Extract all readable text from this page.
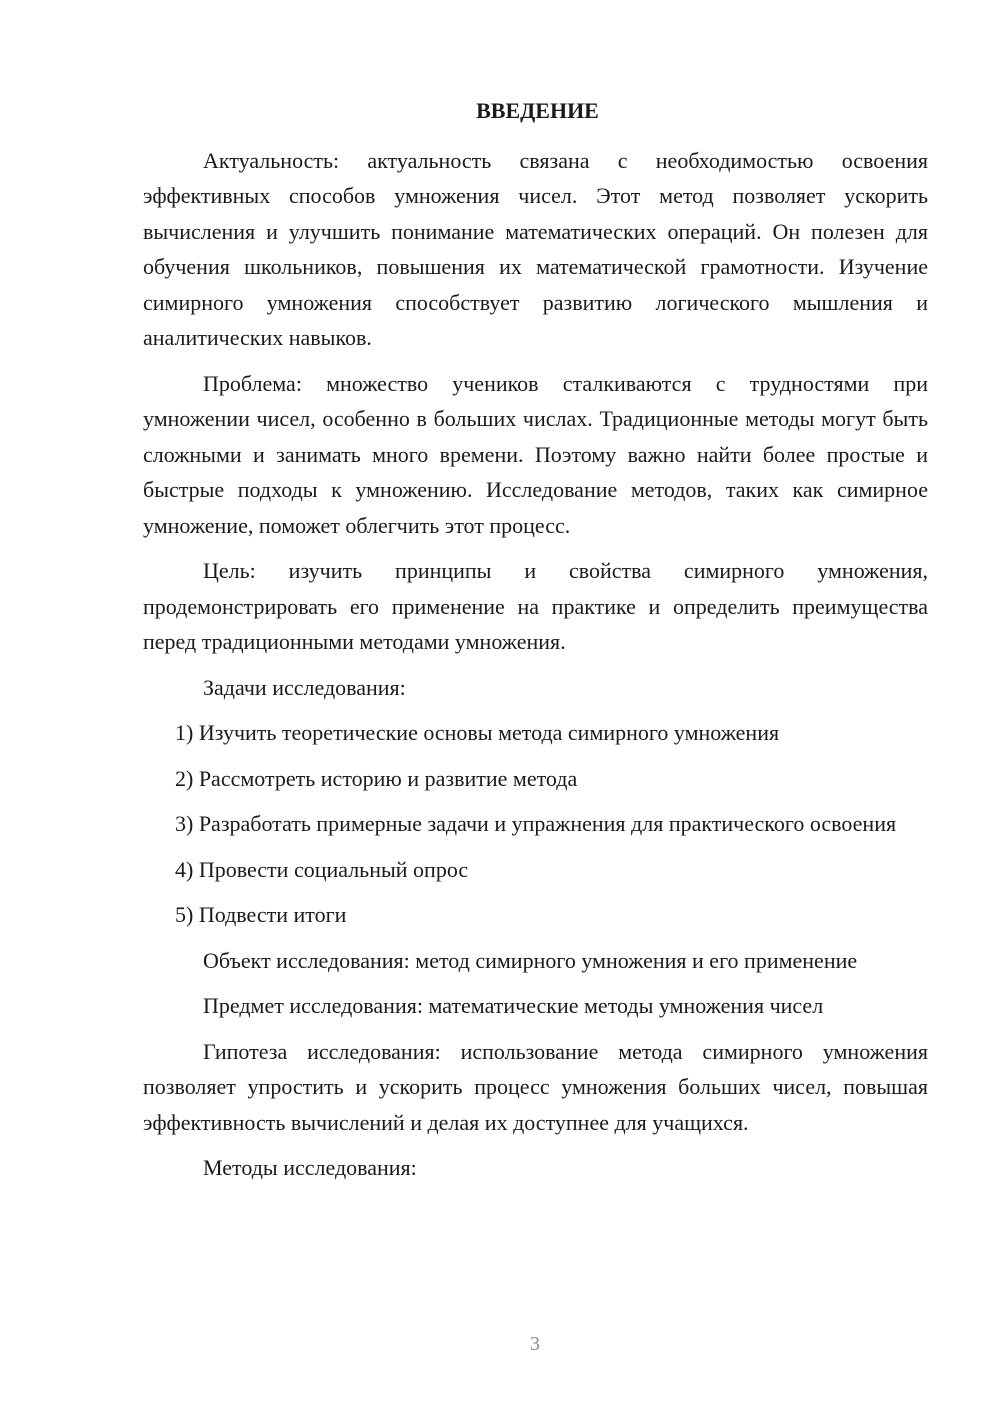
ВВЕДЕНИЕ

Актуальность: актуальность связана с необходимостью освоения эффективных способов умножения чисел. Этот метод позволяет ускорить вычисления и улучшить понимание математических операций. Он полезен для обучения школьников, повышения их математической грамотности. Изучение симирного умножения способствует развитию логического мышления и аналитических навыков.

Проблема: множество учеников сталкиваются с трудностями при умножении чисел, особенно в больших числах. Традиционные методы могут быть сложными и занимать много времени. Поэтому важно найти более простые и быстрые подходы к умножению. Исследование методов, таких как симирное умножение, поможет облегчить этот процесс.

Цель: изучить принципы и свойства симирного умножения, продемонстрировать его применение на практике и определить преимущества перед традиционными методами умножения.

Задачи исследования:

1) Изучить теоретические основы метода симирного умножения

2) Рассмотреть историю и развитие метода

3) Разработать примерные задачи и упражнения для практического освоения

4) Провести социальный опрос

5) Подвести итоги

Объект исследования: метод симирного умножения и его применение

Предмет исследования: математические методы умножения чисел

Гипотеза исследования: использование метода симирного умножения позволяет упростить и ускорить процесс умножения больших чисел, повышая эффективность вычислений и делая их доступнее для учащихся.

Методы исследования:

3
